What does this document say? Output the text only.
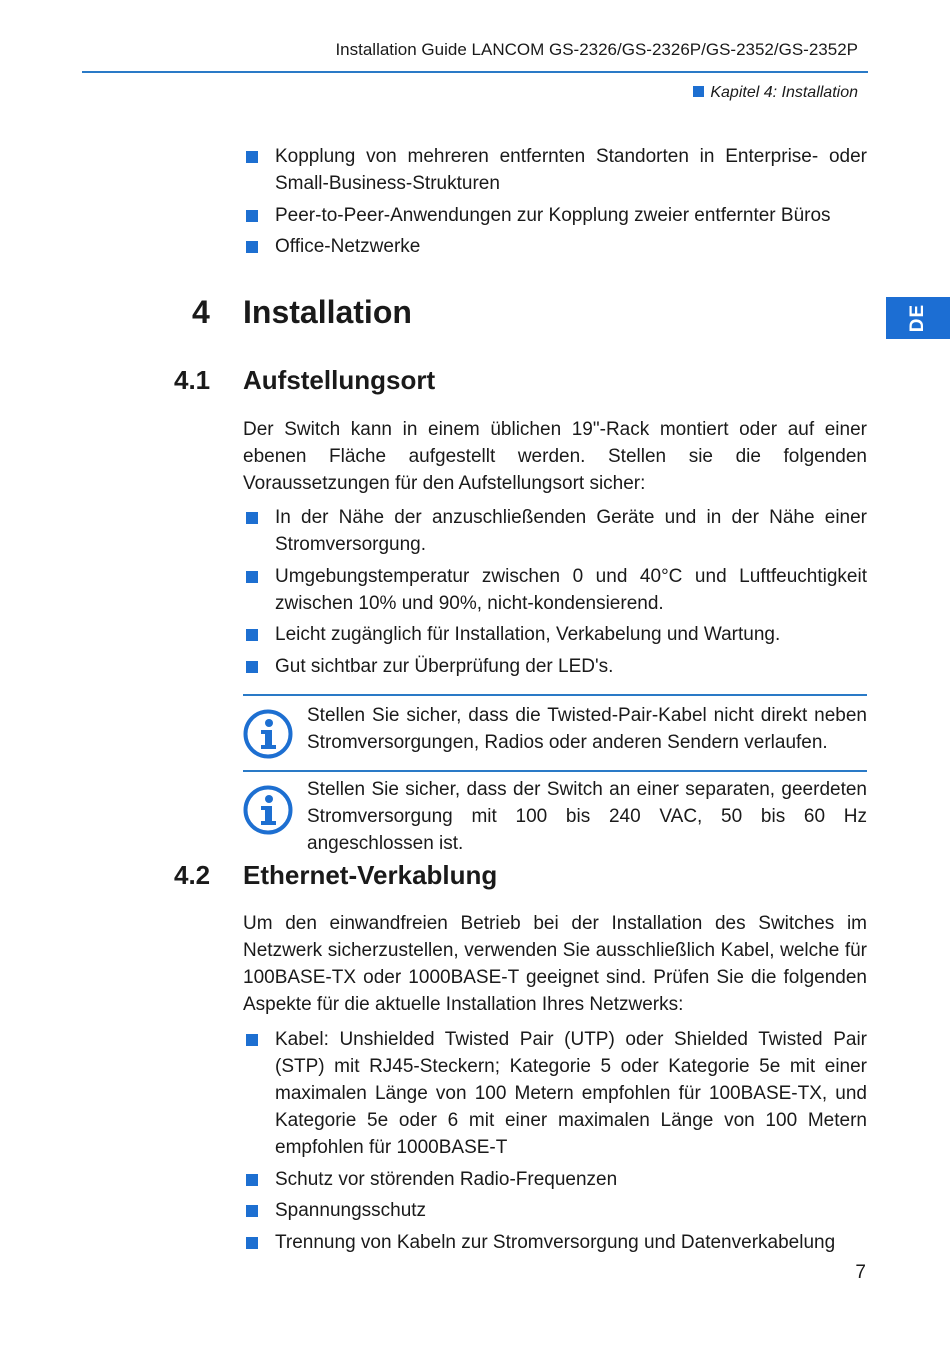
Installation Guide LANCOM GS-2326/GS-2326P/GS-2352/GS-2352P
Kapitel 4: Installation
DE
Kopplung von mehreren entfernten Standorten in Enterprise- oder Small-Business-Strukturen
Peer-to-Peer-Anwendungen zur Kopplung zweier entfernter Büros
Office-Netzwerke
4 Installation
4.1 Aufstellungsort

Der Switch kann in einem üblichen 19"-Rack montiert oder auf einer ebenen Fläche aufgestellt werden. Stellen sie die folgenden Voraussetzungen für den Aufstellungsort sicher:

In der Nähe der anzuschließenden Geräte und in der Nähe einer Stromversorgung.
Umgebungstemperatur zwischen 0 und 40°C und Luftfeuchtigkeit zwischen 10% und 90%, nicht-kondensierend.
Leicht zugänglich für Installation, Verkabelung und Wartung.
Gut sichtbar zur Überprüfung der LED's.

Stellen Sie sicher, dass die Twisted-Pair-Kabel nicht direkt neben Stromversorgungen, Radios oder anderen Sendern verlaufen.

Stellen Sie sicher, dass der Switch an einer separaten, geerdeten Stromversorgung mit 100 bis 240 VAC, 50 bis 60 Hz angeschlossen ist.

4.2 Ethernet-Verkablung

Um den einwandfreien Betrieb bei der Installation des Switches im Netzwerk sicherzustellen, verwenden Sie ausschließlich Kabel, welche für 100BASE-TX oder 1000BASE-T geeignet sind. Prüfen Sie die folgenden Aspekte für die aktuelle Installation Ihres Netzwerks:

Kabel: Unshielded Twisted Pair (UTP) oder Shielded Twisted Pair (STP) mit RJ45-Steckern; Kategorie 5 oder Kategorie 5e mit einer maximalen Länge von 100 Metern empfohlen für 100BASE-TX, und Kategorie 5e oder 6 mit einer maximalen Länge von 100 Metern empfohlen für 1000BASE-T
Schutz vor störenden Radio-Frequenzen
Spannungsschutz
Trennung von Kabeln zur Stromversorgung und Datenverkabelung
7
